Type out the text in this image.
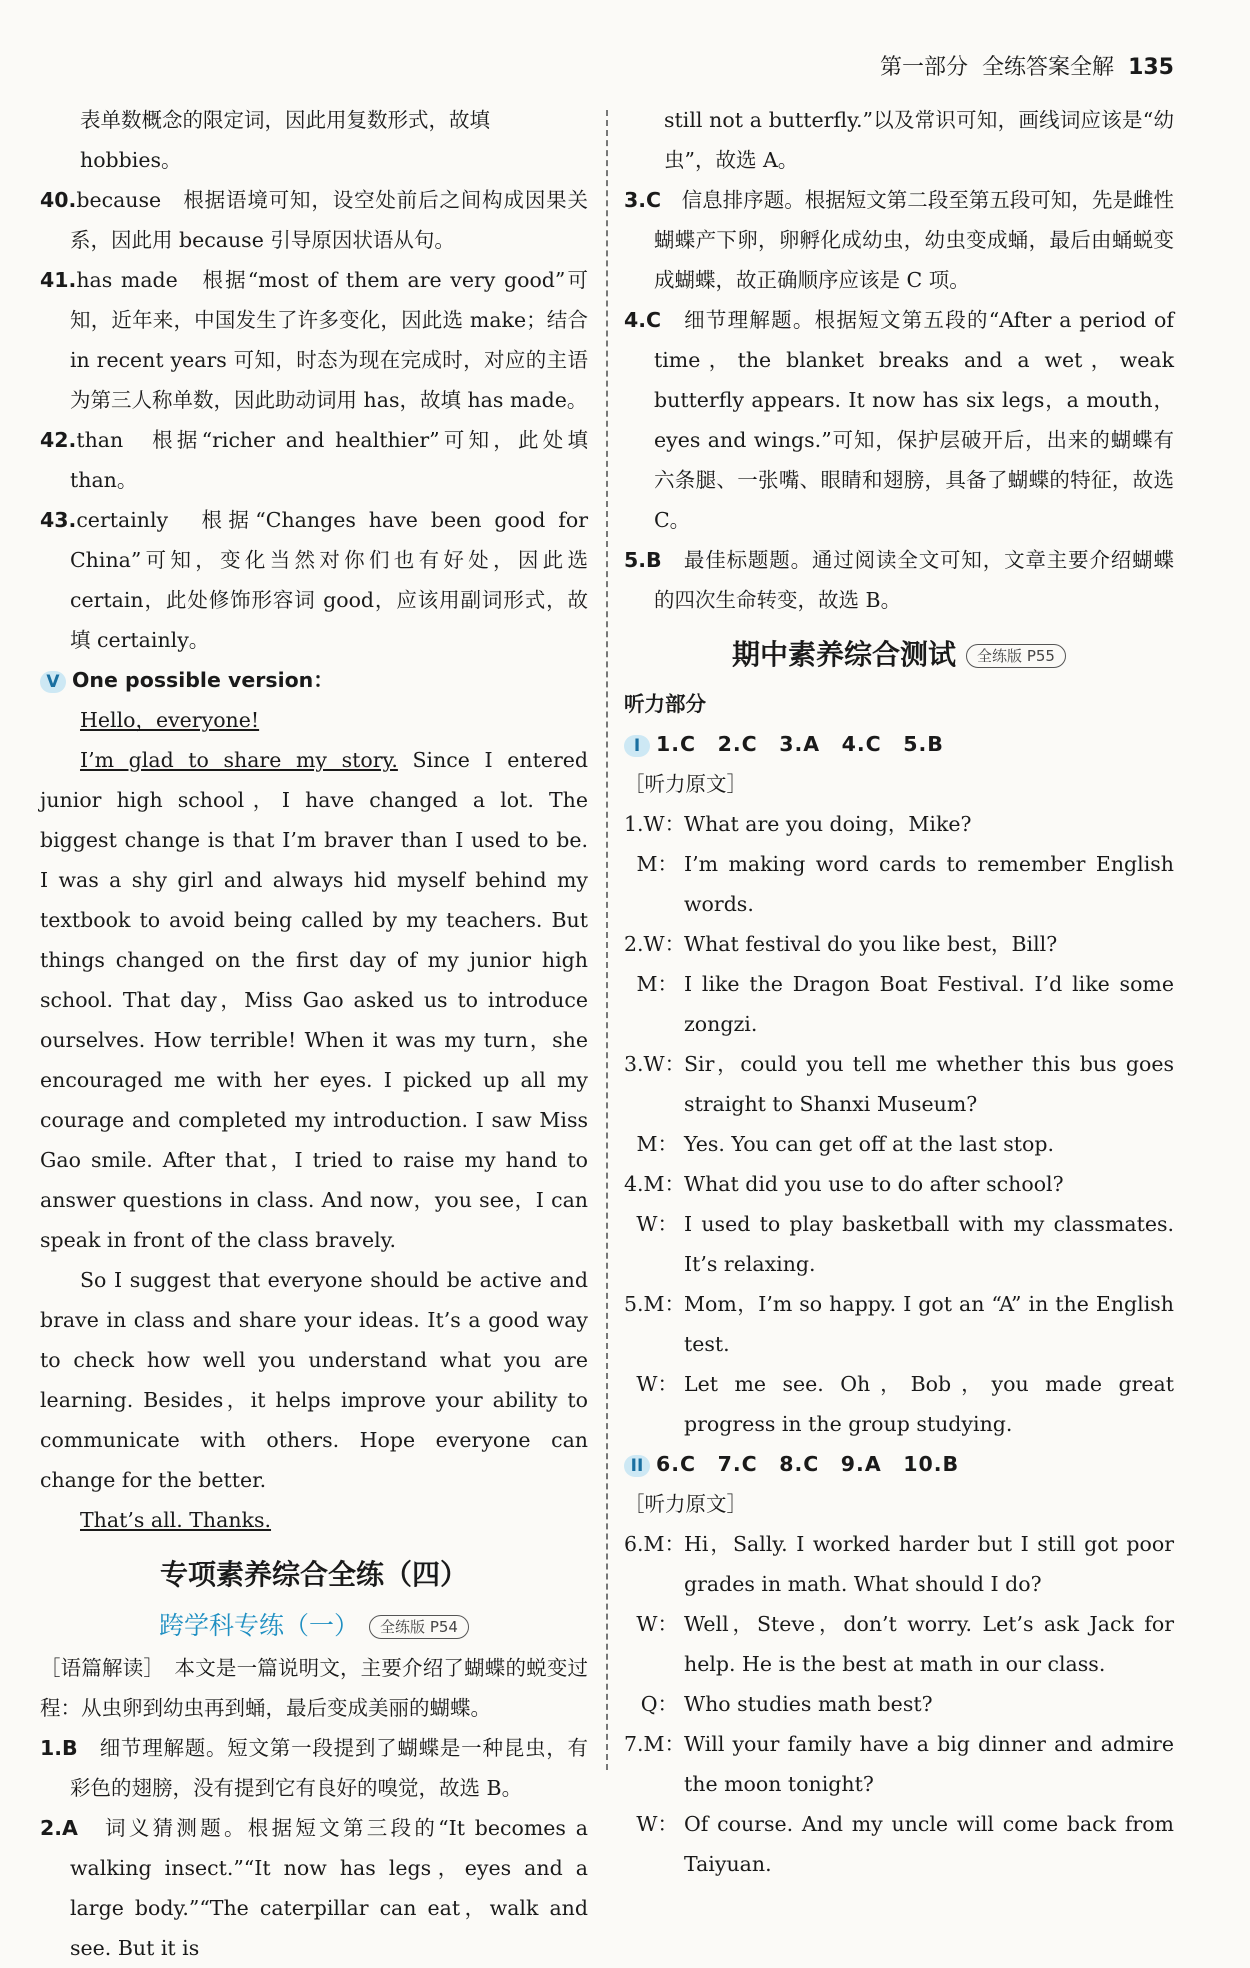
第一部分 全练答案全解 135

表单数概念的限定词，因此用复数形式，故填

hobbies。

40.because　根据语境可知，设空处前后之间构成因果关系，因此用 because 引导原因状语从句。

41.has made　根据“most of them are very good”可知，近年来，中国发生了许多变化，因此选 make；结合 in recent years 可知，时态为现在完成时，对应的主语为第三人称单数，因此助动词用 has，故填 has made。

42.than　根据“richer and healthier”可知，此处填 than。

43.certainly　根据“Changes have been good for China”可知，变化当然对你们也有好处，因此选 certain，此处修饰形容词 good，应该用副词形式，故填 certainly。

V One possible version：

Hello，everyone!

I’m glad to share my story. Since I entered junior high school，I have changed a lot. The biggest change is that I’m braver than I used to be. I was a shy girl and always hid myself behind my textbook to avoid being called by my teachers. But things changed on the first day of my junior high school. That day，Miss Gao asked us to introduce ourselves. How terrible! When it was my turn，she encouraged me with her eyes. I picked up all my courage and completed my introduction. I saw Miss Gao smile. After that，I tried to raise my hand to answer questions in class. And now，you see，I can speak in front of the class bravely.

So I suggest that everyone should be active and brave in class and share your ideas. It’s a good way to check how well you understand what you are learning. Besides，it helps improve your ability to communicate with others. Hope everyone can change for the better.

That’s all. Thanks.

专项素养综合全练（四）
跨学科专练（一） 全练版 P54

［语篇解读］　本文是一篇说明文，主要介绍了蝴蝶的蜕变过程：从虫卵到幼虫再到蛹，最后变成美丽的蝴蝶。

1.B　细节理解题。短文第一段提到了蝴蝶是一种昆虫，有彩色的翅膀，没有提到它有良好的嗅觉，故选 B。

2.A　词义猜测题。根据短文第三段的“It becomes a walking insect.”“It now has legs，eyes and a large body.”“The caterpillar can eat，walk and see. But it is

still not a butterfly.”以及常识可知，画线词应该是“幼虫”，故选 A。

3.C　信息排序题。根据短文第二段至第五段可知，先是雌性蝴蝶产下卵，卵孵化成幼虫，幼虫变成蛹，最后由蛹蜕变成蝴蝶，故正确顺序应该是 C 项。

4.C　细节理解题。根据短文第五段的“After a period of time，the blanket breaks and a wet，weak butterfly appears. It now has six legs，a mouth，eyes and wings.”可知，保护层破开后，出来的蝴蝶有六条腿、一张嘴、眼睛和翅膀，具备了蝴蝶的特征，故选 C。

5.B　最佳标题题。通过阅读全文可知，文章主要介绍蝴蝶的四次生命转变，故选 B。

期中素养综合测试 全练版 P55

听力部分

I 1.C　2.C　3.A　4.C　5.B

［听力原文］

1.W：
What are you doing，Mike?
M： I’m making word cards to remember English words.
2.W：
What festival do you like best，Bill?
M： I like the Dragon Boat Festival. I’d like some zongzi.
3.W：
Sir，could you tell me whether this bus goes straight to Shanxi Museum?
M： Yes. You can get off at the last stop.
4.M：
What did you use to do after school?
W： I used to play basketball with my classmates. It’s relaxing.
5.M：
Mom，I’m so happy. I got an “A” in the English test.
W： Let me see. Oh，Bob，you made great progress in the group studying.

II 6.C　7.C　8.C　9.A　10.B

［听力原文］

6.M：
Hi，Sally. I worked harder but I still got poor grades in math. What should I do?
W： Well，Steve，don’t worry. Let’s ask Jack for help. He is the best at math in our class.
Q： Who studies math best?
7.M：
Will your family have a big dinner and admire the moon tonight?
W： Of course. And my uncle will come back from Taiyuan.
